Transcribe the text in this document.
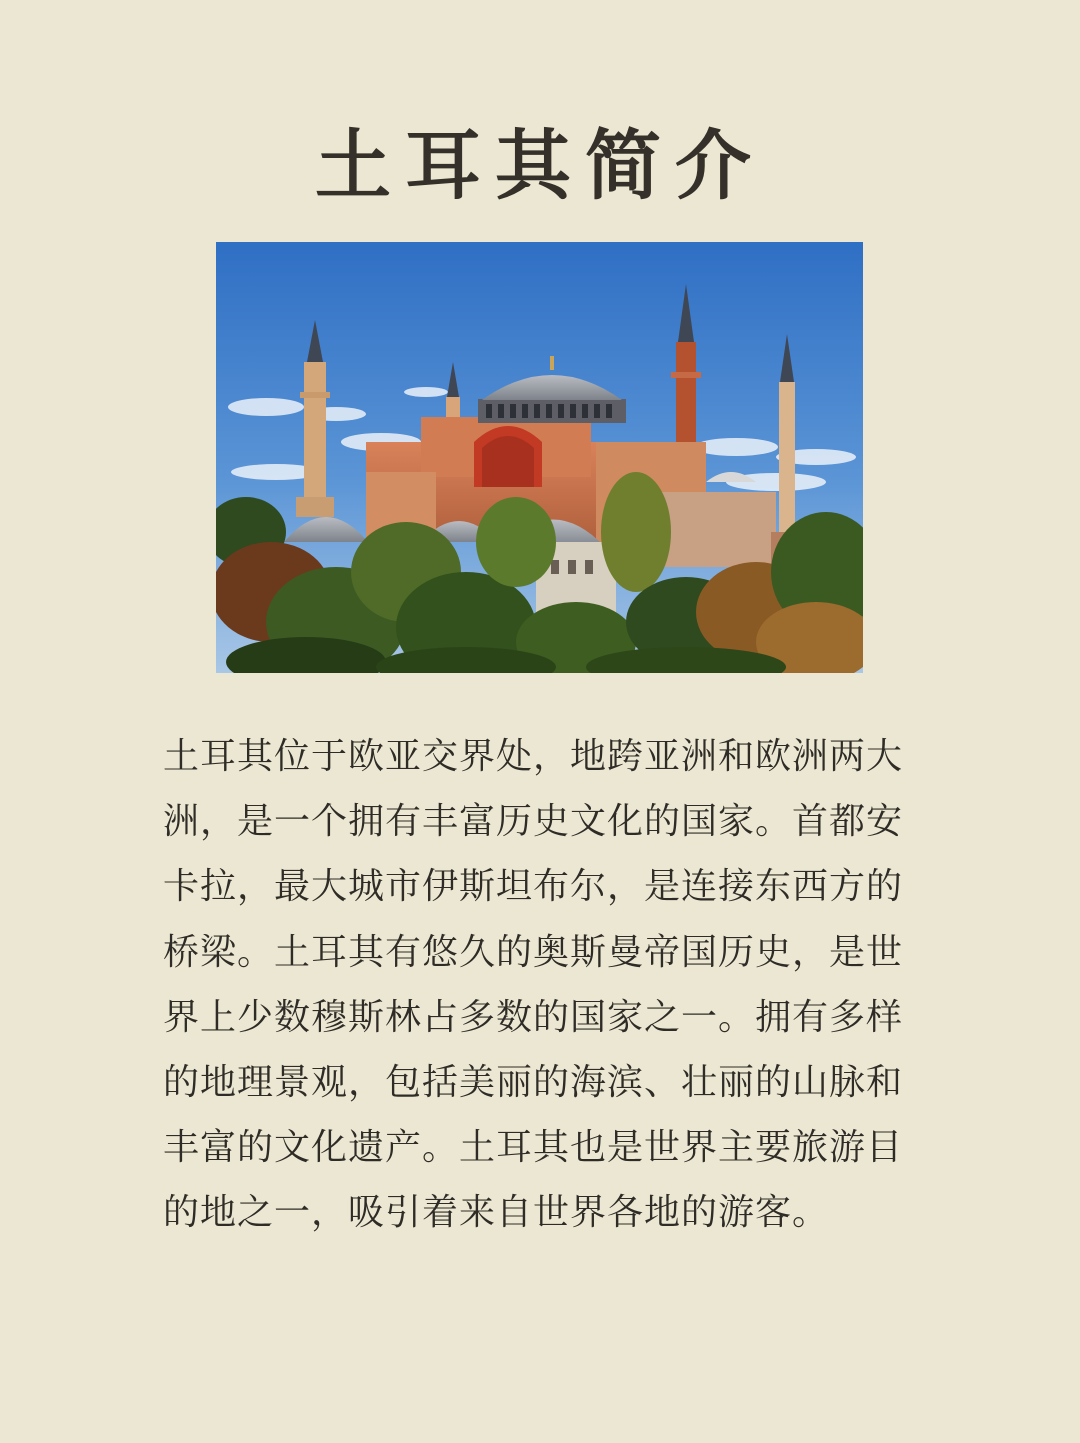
土耳其简介

土耳其位于欧亚交界处，地跨亚洲和欧洲两大洲，是一个拥有丰富历史文化的国家。首都安卡拉，最大城市伊斯坦布尔，是连接东西方的桥梁。土耳其有悠久的奥斯曼帝国历史，是世界上少数穆斯林占多数的国家之一。拥有多样的地理景观，包括美丽的海滨、壮丽的山脉和丰富的文化遗产。土耳其也是世界主要旅游目的地之一，吸引着来自世界各地的游客。
